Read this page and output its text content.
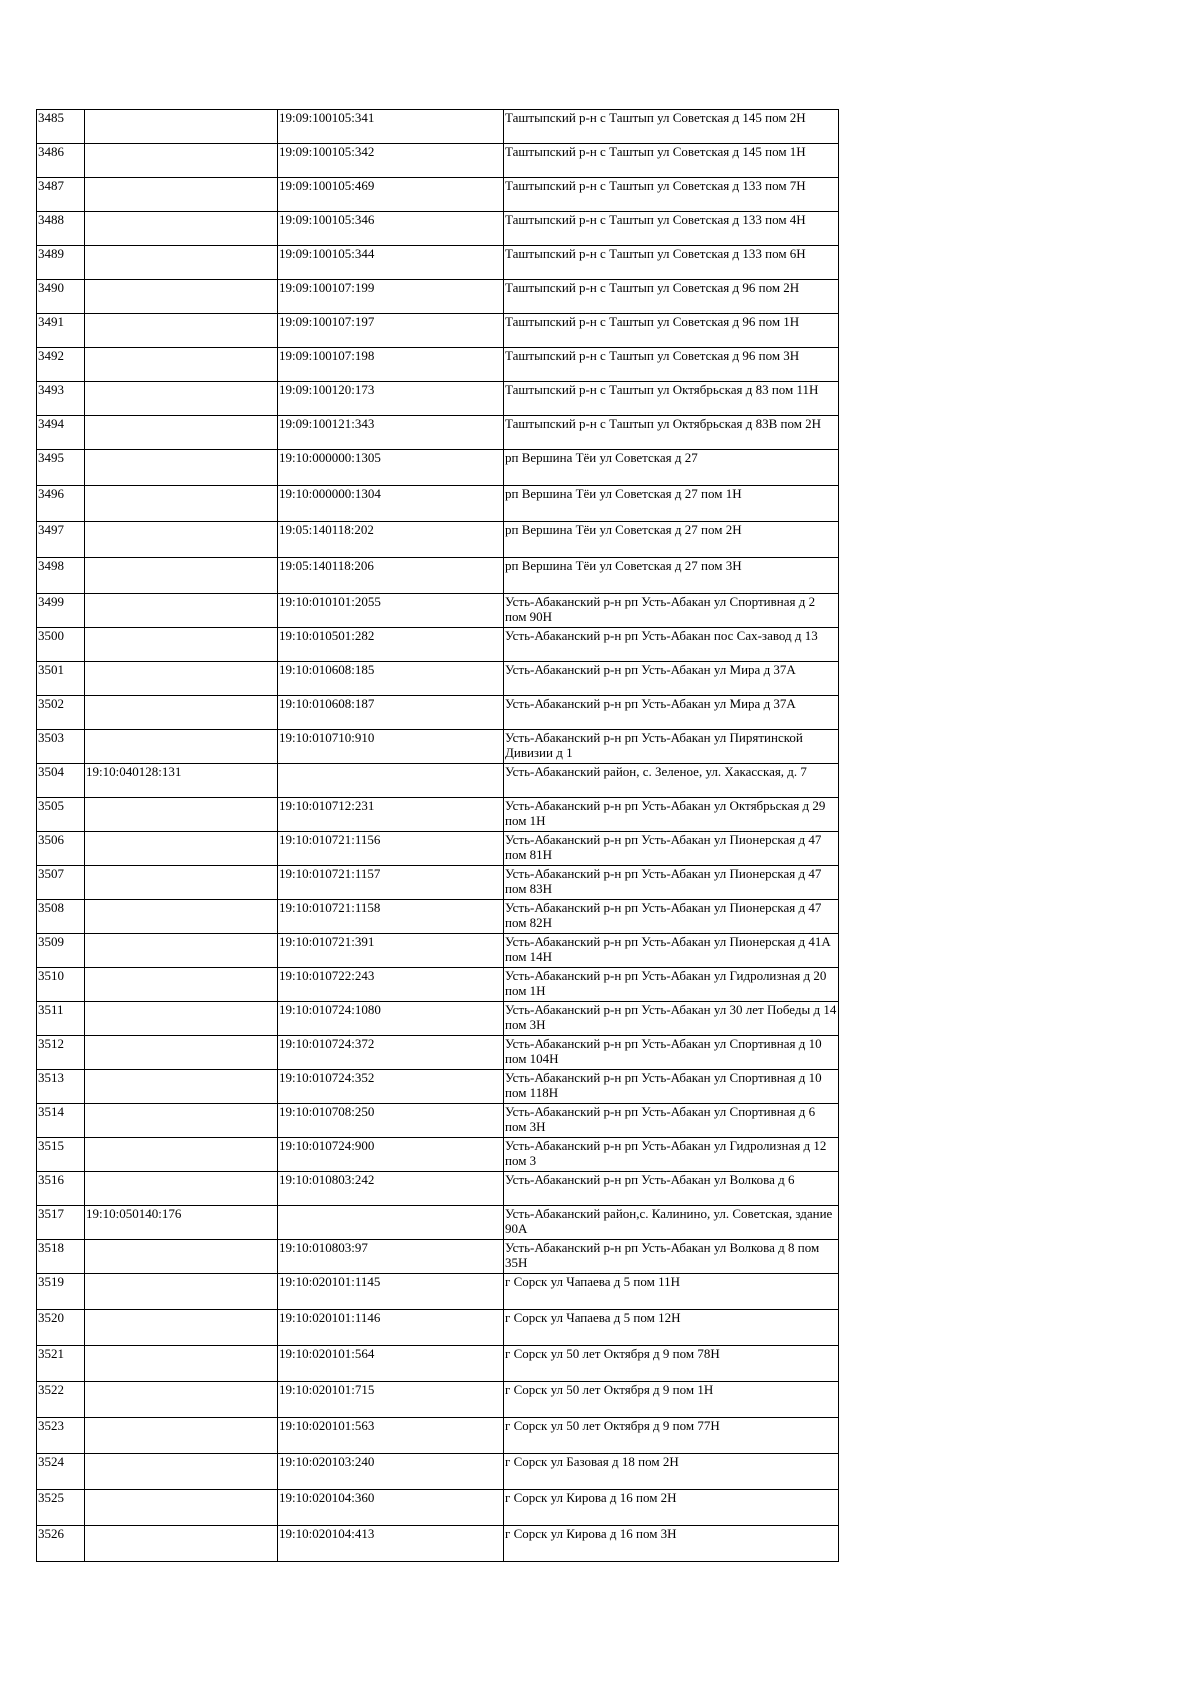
3485		19:09:100105:341	Таштыпский р-н с Таштып ул Советская д 145 пом 2Н
3486		19:09:100105:342	Таштыпский р-н с Таштып ул Советская д 145 пом 1Н
3487		19:09:100105:469	Таштыпский р-н с Таштып ул Советская д 133 пом 7Н
3488		19:09:100105:346	Таштыпский р-н с Таштып ул Советская д 133 пом 4Н
3489		19:09:100105:344	Таштыпский р-н с Таштып ул Советская д 133 пом 6Н
3490		19:09:100107:199	Таштыпский р-н с Таштып ул Советская д 96 пом 2Н
3491		19:09:100107:197	Таштыпский р-н с Таштып ул Советская д 96 пом 1Н
3492		19:09:100107:198	Таштыпский р-н с Таштып ул Советская д 96 пом 3Н
3493		19:09:100120:173	Таштыпский р-н с Таштып ул Октябрьская д 83 пом 11Н
3494		19:09:100121:343	Таштыпский р-н с Таштып ул Октябрьская д 83В пом 2Н
3495		19:10:000000:1305	рп Вершина Тёи ул Советская д 27
3496		19:10:000000:1304	рп Вершина Тёи ул Советская д 27 пом 1Н
3497		19:05:140118:202	рп Вершина Тёи ул Советская д 27 пом 2Н
3498		19:05:140118:206	рп Вершина Тёи ул Советская д 27 пом 3Н
3499		19:10:010101:2055	Усть-Абаканский р-н рп Усть-Абакан ул Спортивная д 2 пом 90Н
3500		19:10:010501:282	Усть-Абаканский р-н рп Усть-Абакан пос Сах-завод д 13
3501		19:10:010608:185	Усть-Абаканский р-н рп Усть-Абакан ул Мира д 37А
3502		19:10:010608:187	Усть-Абаканский р-н рп Усть-Абакан ул Мира д 37А
3503		19:10:010710:910	Усть-Абаканский р-н рп Усть-Абакан ул Пирятинской Дивизии д 1
3504	19:10:040128:131		Усть-Абаканский район, с. Зеленое, ул. Хакасская, д. 7
3505		19:10:010712:231	Усть-Абаканский р-н рп Усть-Абакан ул Октябрьская д 29 пом 1Н
3506		19:10:010721:1156	Усть-Абаканский р-н рп Усть-Абакан ул Пионерская д 47 пом 81Н
3507		19:10:010721:1157	Усть-Абаканский р-н рп Усть-Абакан ул Пионерская д 47 пом 83Н
3508		19:10:010721:1158	Усть-Абаканский р-н рп Усть-Абакан ул Пионерская д 47 пом 82Н
3509		19:10:010721:391	Усть-Абаканский р-н рп Усть-Абакан ул Пионерская д 41А пом 14Н
3510		19:10:010722:243	Усть-Абаканский р-н рп Усть-Абакан ул Гидролизная д 20 пом 1Н
3511		19:10:010724:1080	Усть-Абаканский р-н рп Усть-Абакан ул 30 лет Победы д 14 пом 3Н
3512		19:10:010724:372	Усть-Абаканский р-н рп Усть-Абакан ул Спортивная д 10 пом 104Н
3513		19:10:010724:352	Усть-Абаканский р-н рп Усть-Абакан ул Спортивная д 10 пом 118Н
3514		19:10:010708:250	Усть-Абаканский р-н рп Усть-Абакан ул Спортивная д 6 пом 3Н
3515		19:10:010724:900	Усть-Абаканский р-н рп Усть-Абакан ул Гидролизная д 12 пом 3
3516		19:10:010803:242	Усть-Абаканский р-н рп Усть-Абакан ул Волкова д 6
3517	19:10:050140:176		Усть-Абаканский район,с. Калинино, ул. Советская, здание 90А
3518		19:10:010803:97	Усть-Абаканский р-н рп Усть-Абакан ул Волкова д 8 пом 35Н
3519		19:10:020101:1145	г Сорск ул Чапаева д 5 пом 11Н
3520		19:10:020101:1146	г Сорск ул Чапаева д 5 пом 12Н
3521		19:10:020101:564	г Сорск ул 50 лет Октября д 9 пом 78Н
3522		19:10:020101:715	г Сорск ул 50 лет Октября д 9 пом 1Н
3523		19:10:020101:563	г Сорск ул 50 лет Октября д 9 пом 77Н
3524		19:10:020103:240	г Сорск ул Базовая д 18 пом 2Н
3525		19:10:020104:360	г Сорск ул Кирова д 16 пом 2Н
3526		19:10:020104:413	г Сорск ул Кирова д 16 пом 3Н
